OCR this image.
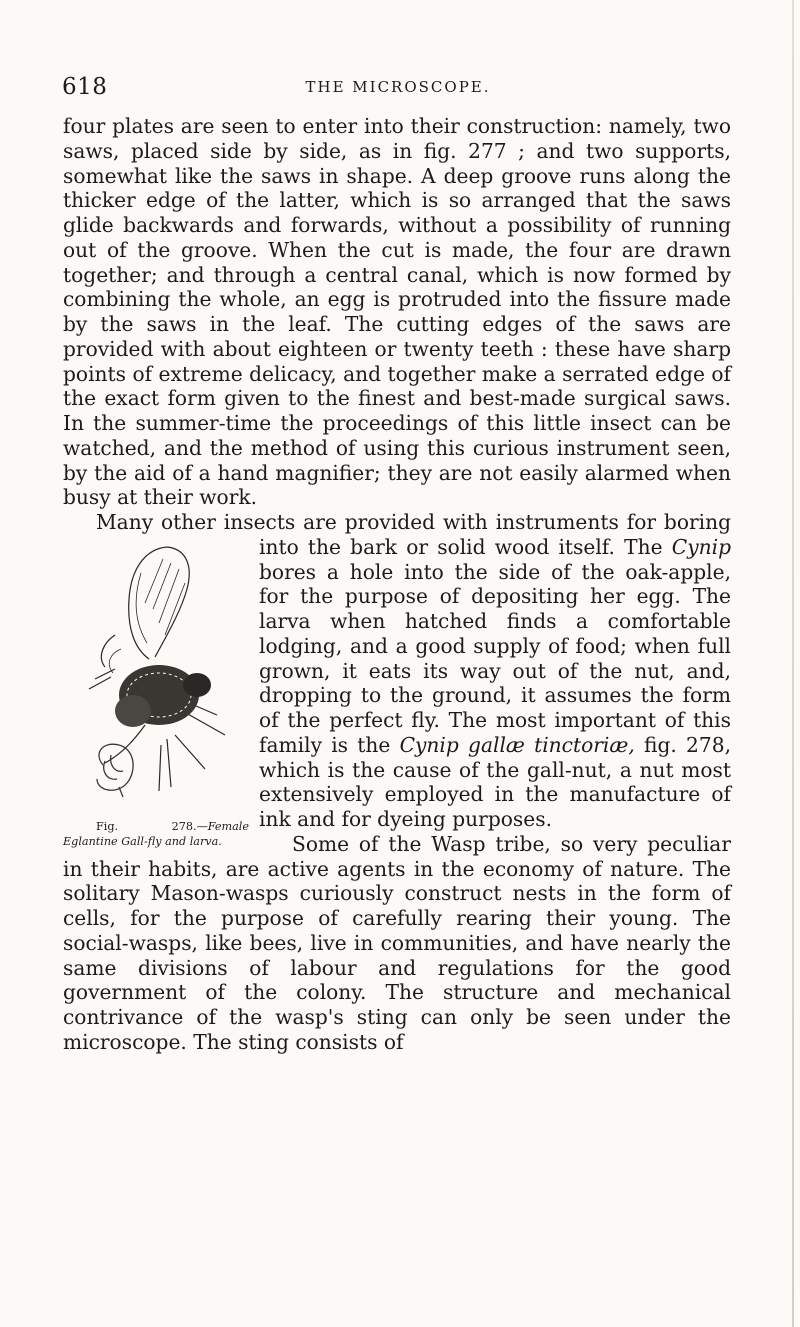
618	THE MICROSCOPE.

four plates are seen to enter into their construction: namely, two saws, placed side by side, as in fig. 277 ; and two supports, somewhat like the saws in shape. A deep groove runs along the thicker edge of the latter, which is so arranged that the saws glide backwards and forwards, without a possibility of running out of the groove. When the cut is made, the four are drawn together; and through a central canal, which is now formed by combining the whole, an egg is protruded into the fissure made by the saws in the leaf. The cutting edges of the saws are provided with about eighteen or twenty teeth : these have sharp points of extreme delicacy, and together make a serrated edge of the exact form given to the finest and best-made surgical saws. In the summer-time the proceedings of this little insect can be watched, and the method of using this curious instrument seen, by the aid of a hand magnifier; they are not easily alarmed when busy at their work.

Many other insects are provided with instruments for boring into the bark or solid wood itself. The Cynip
Fig. 278.—Female Eglantine Gall-fly and larva.
bores a hole into the side of the oak-apple, for the purpose of depositing her egg. The larva when hatched finds a comfortable lodging, and a good supply of food; when full grown, it eats its way out of the nut, and, dropping to the ground, it assumes the form of the perfect fly. The most important of this family is the Cynip gallæ tinctoriæ, fig. 278, which is the cause of the gall-nut, a nut most extensively employed in the manufacture of ink and for dyeing purposes.

Some of the Wasp tribe, so very peculiar in their habits, are active agents in the economy of nature. The solitary Mason-wasps curiously construct nests in the form of cells, for the purpose of carefully rearing their young. The social-wasps, like bees, live in communities, and have nearly the same divisions of labour and regulations for the good government of the colony. The structure and mechanical contrivance of the wasp's sting can only be seen under the microscope. The sting consists of
